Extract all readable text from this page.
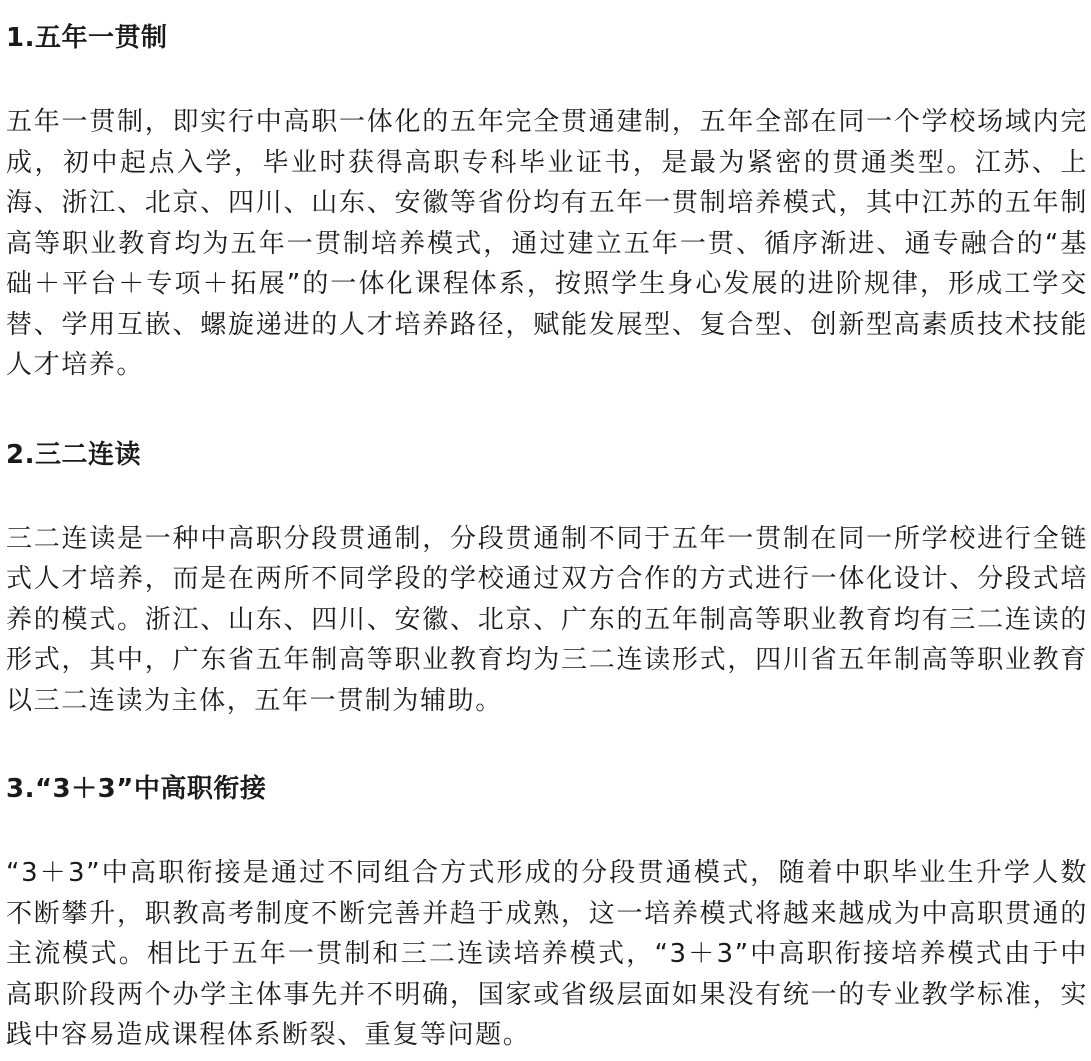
1.五年一贯制

五年一贯制，即实行中高职一体化的五年完全贯通建制，五年全部在同一个学校场域内完成，初中起点入学，毕业时获得高职专科毕业证书，是最为紧密的贯通类型。江苏、上海、浙江、北京、四川、山东、安徽等省份均有五年一贯制培养模式，其中江苏的五年制高等职业教育均为五年一贯制培养模式，通过建立五年一贯、循序渐进、通专融合的“基础＋平台＋专项＋拓展”的一体化课程体系，按照学生身心发展的进阶规律，形成工学交替、学用互嵌、螺旋递进的人才培养路径，赋能发展型、复合型、创新型高素质技术技能人才培养。

2.三二连读

三二连读是一种中高职分段贯通制，分段贯通制不同于五年一贯制在同一所学校进行全链式人才培养，而是在两所不同学段的学校通过双方合作的方式进行一体化设计、分段式培养的模式。浙江、山东、四川、安徽、北京、广东的五年制高等职业教育均有三二连读的形式，其中，广东省五年制高等职业教育均为三二连读形式，四川省五年制高等职业教育以三二连读为主体，五年一贯制为辅助。

3.“3＋3”中高职衔接

“3＋3”中高职衔接是通过不同组合方式形成的分段贯通模式，随着中职毕业生升学人数不断攀升，职教高考制度不断完善并趋于成熟，这一培养模式将越来越成为中高职贯通的主流模式。相比于五年一贯制和三二连读培养模式，“3＋3”中高职衔接培养模式由于中高职阶段两个办学主体事先并不明确，国家或省级层面如果没有统一的专业教学标准，实践中容易造成课程体系断裂、重复等问题。
